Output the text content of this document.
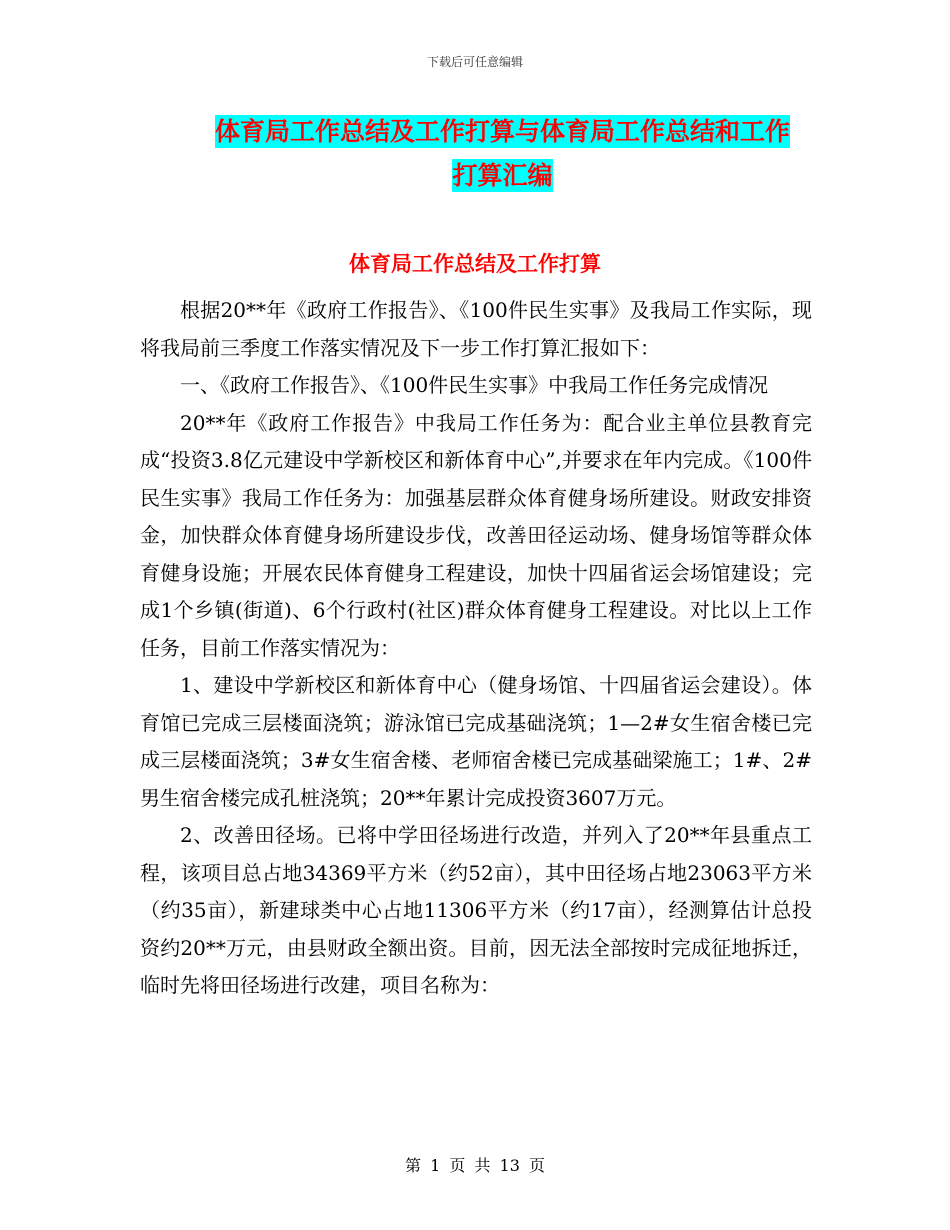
下载后可任意编辑
体育局工作总结及工作打算与体育局工作总结和工作
打算汇编
体育局工作总结及工作打算

根据20**年《政府工作报告》、《100件民生实事》及我局工作实际，现将我局前三季度工作落实情况及下一步工作打算汇报如下：

一、《政府工作报告》、《100件民生实事》中我局工作任务完成情况

20**年《政府工作报告》中我局工作任务为：配合业主单位县教育完成“投资3.8亿元建设中学新校区和新体育中心”,并要求在年内完成。《100件民生实事》我局工作任务为：加强基层群众体育健身场所建设。财政安排资金，加快群众体育健身场所建设步伐，改善田径运动场、健身场馆等群众体育健身设施；开展农民体育健身工程建设，加快十四届省运会场馆建设；完成1个乡镇(街道)、6个行政村(社区)群众体育健身工程建设。对比以上工作任务，目前工作落实情况为：

1、建设中学新校区和新体育中心（健身场馆、十四届省运会建设）。体育馆已完成三层楼面浇筑；游泳馆已完成基础浇筑；1—2#女生宿舍楼已完成三层楼面浇筑；3#女生宿舍楼、老师宿舍楼已完成基础梁施工；1#、2#男生宿舍楼完成孔桩浇筑；20**年累计完成投资3607万元。

2、改善田径场。已将中学田径场进行改造，并列入了20**年县重点工程，该项目总占地34369平方米（约52亩），其中田径场占地23063平方米（约35亩），新建球类中心占地11306平方米（约17亩），经测算估计总投资约20**万元，由县财政全额出资。目前，因无法全部按时完成征地拆迁，临时先将田径场进行改建，项目名称为：

第 1 页 共 13 页
